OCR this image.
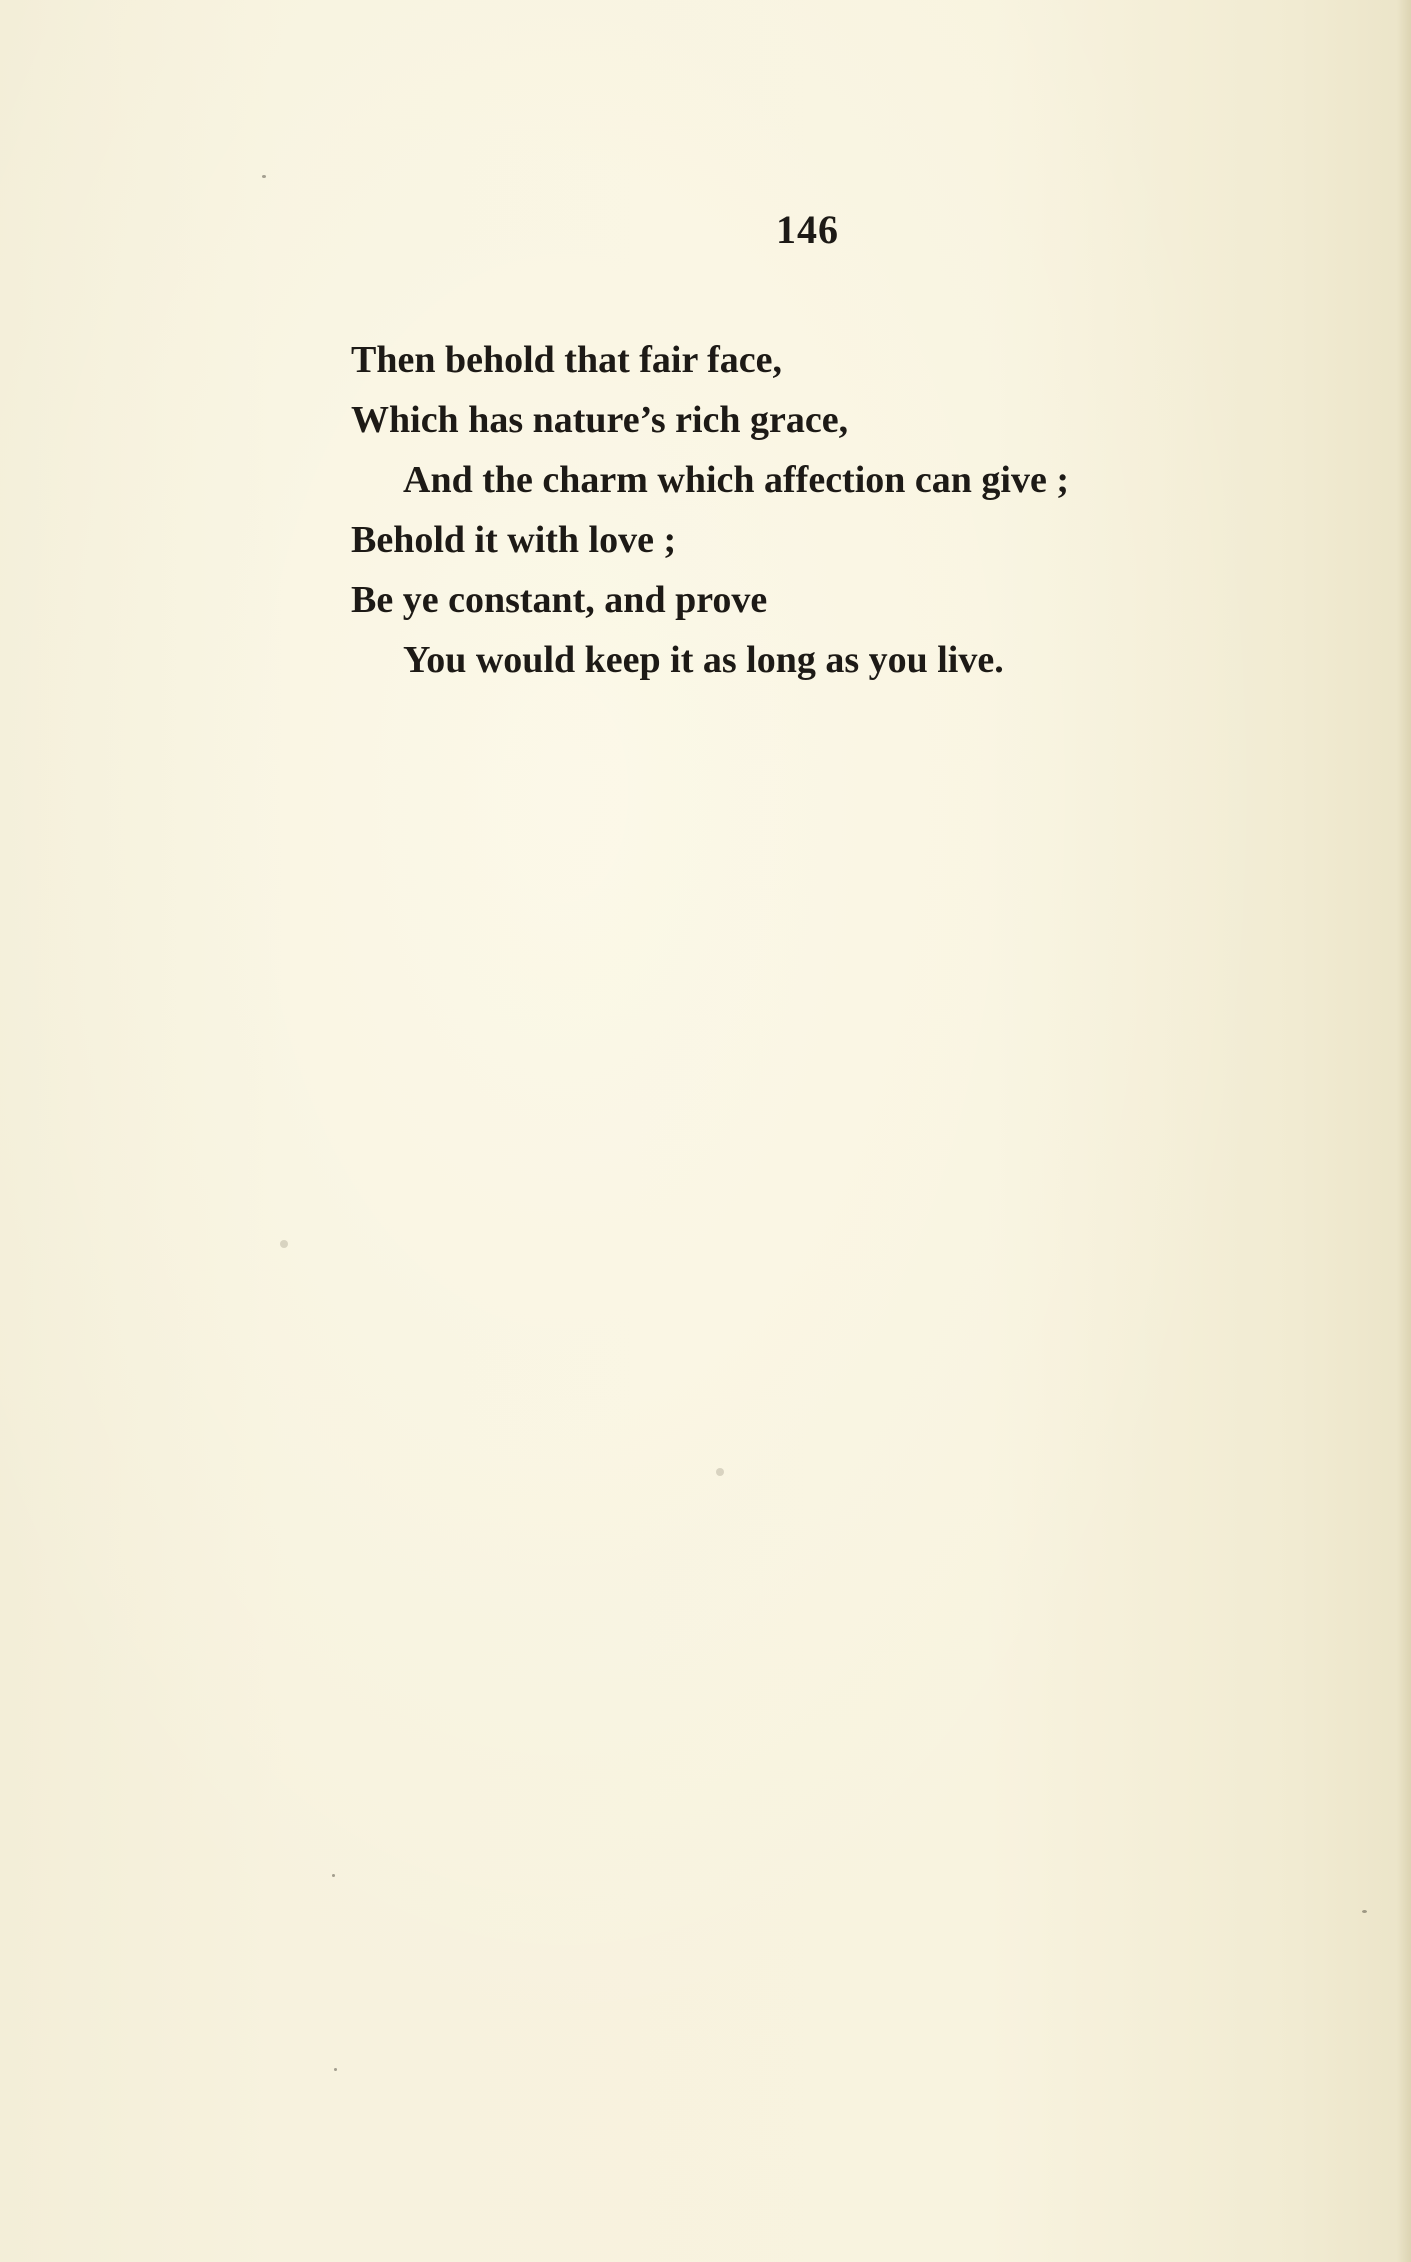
146
Then behold that fair face,
Which has nature’s rich grace,
And the charm which affection can give ;
Behold it with love ;
Be ye constant, and prove
You would keep it as long as you live.
